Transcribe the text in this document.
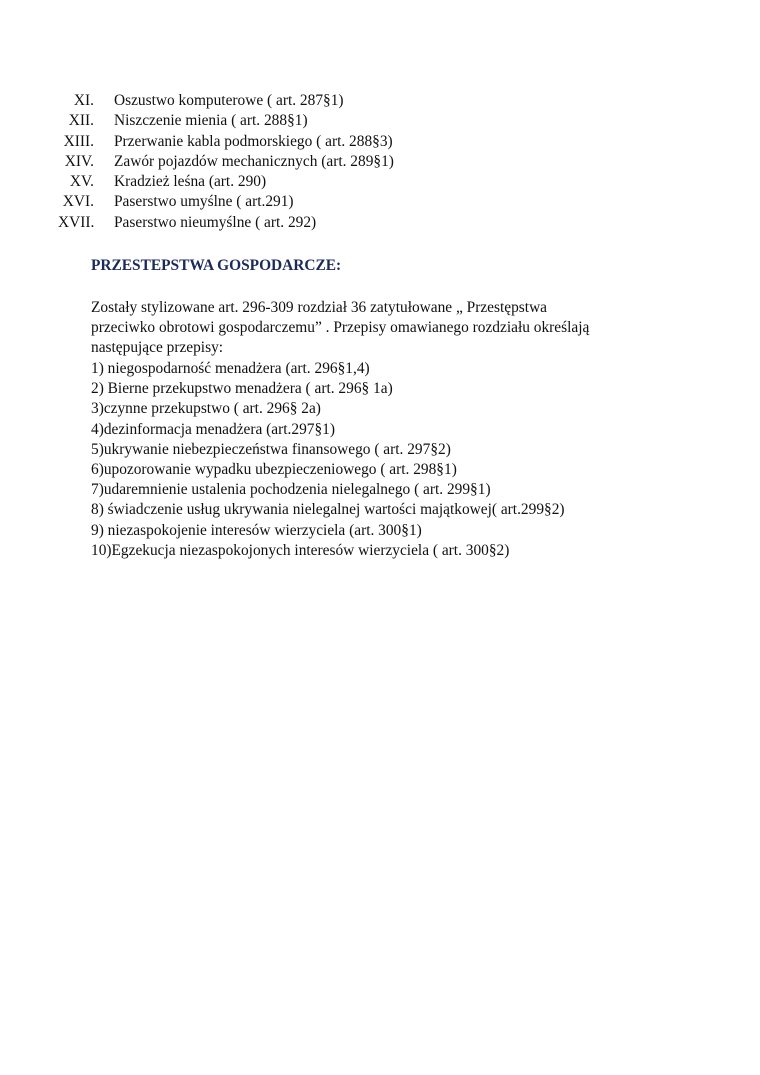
XI.	Oszustwo komputerowe ( art. 287§1)
XII.	Niszczenie mienia ( art. 288§1)
XIII.	Przerwanie kabla podmorskiego ( art. 288§3)
XIV.	Zawór pojazdów mechanicznych (art. 289§1)
XV.	Kradzież leśna (art. 290)
XVI.	Paserstwo umyślne ( art.291)
XVII.	Paserstwo nieumyślne ( art. 292)
PRZESTEPSTWA GOSPODARCZE:
Zostały stylizowane art. 296-309 rozdział 36 zatytułowane „ Przestępstwa
przeciwko obrotowi gospodarczemu” . Przepisy omawianego rozdziału określają
następujące przepisy:
1) niegospodarność menadżera (art. 296§1,4)
2) Bierne przekupstwo menadżera ( art. 296§ 1a)
3)czynne przekupstwo ( art. 296§ 2a)
4)dezinformacja menadżera (art.297§1)
5)ukrywanie niebezpieczeństwa finansowego ( art. 297§2)
6)upozorowanie wypadku ubezpieczeniowego ( art. 298§1)
7)udaremnienie ustalenia pochodzenia nielegalnego ( art. 299§1)
8) świadczenie usług ukrywania nielegalnej wartości majątkowej( art.299§2)
9) niezaspokojenie interesów wierzyciela (art. 300§1)
10)Egzekucja niezaspokojonych interesów wierzyciela ( art. 300§2)
